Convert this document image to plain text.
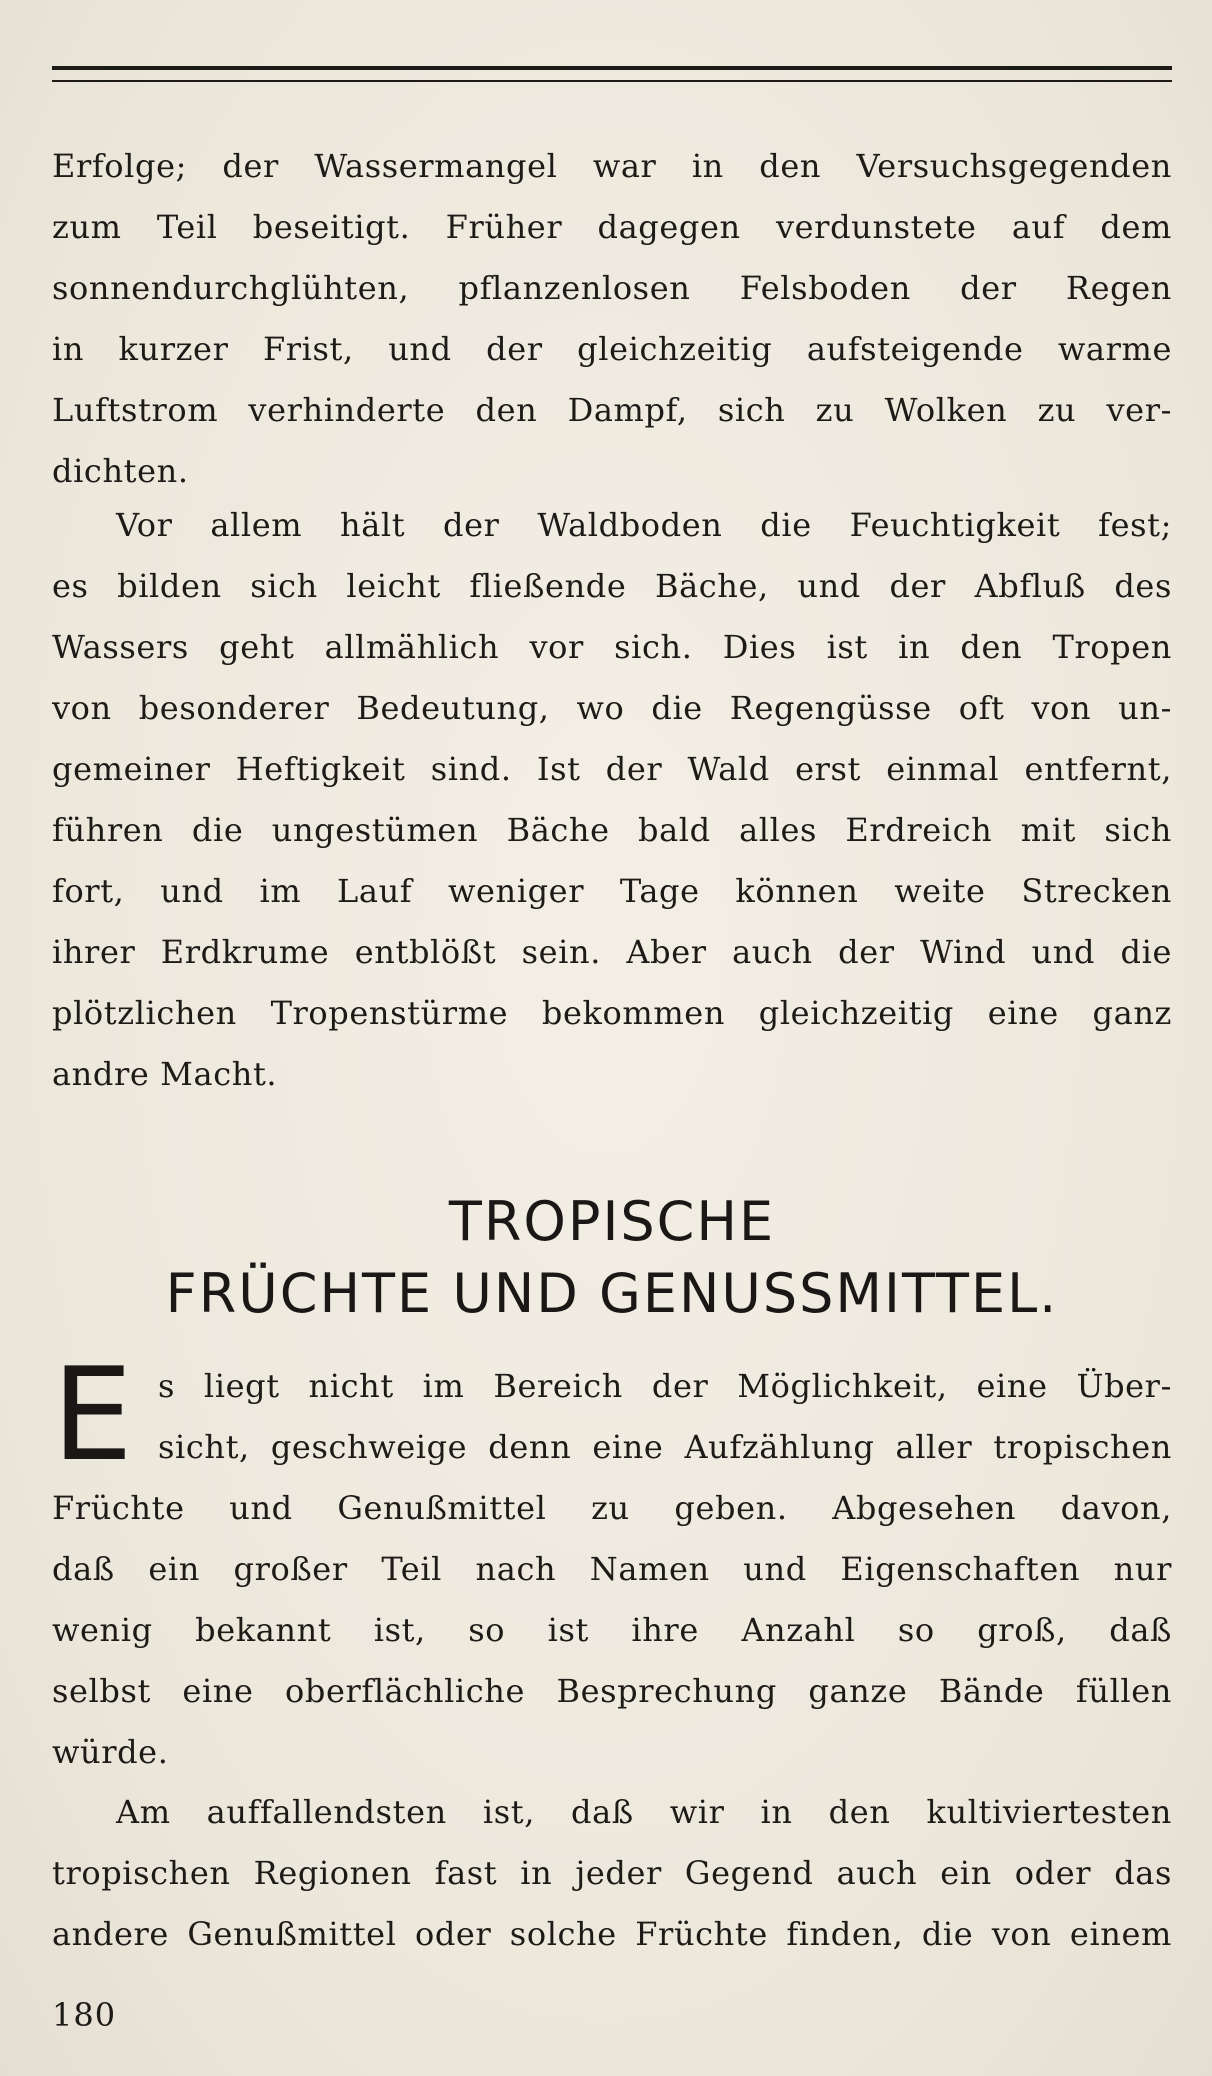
Erfolge; der Wassermangel war in den Versuchsgegenden
zum Teil beseitigt. Früher dagegen verdunstete auf dem
sonnendurchglühten, pflanzenlosen Felsboden der Regen
in kurzer Frist, und der gleichzeitig aufsteigende warme
Luftstrom verhinderte den Dampf, sich zu Wolken zu ver-
dichten.
Vor allem hält der Waldboden die Feuchtigkeit fest;
es bilden sich leicht fließende Bäche, und der Abfluß des
Wassers geht allmählich vor sich. Dies ist in den Tropen
von besonderer Bedeutung, wo die Regengüsse oft von un-
gemeiner Heftigkeit sind. Ist der Wald erst einmal entfernt,
führen die ungestümen Bäche bald alles Erdreich mit sich
fort, und im Lauf weniger Tage können weite Strecken
ihrer Erdkrume entblößt sein. Aber auch der Wind und die
plötzlichen Tropenstürme bekommen gleichzeitig eine ganz
andre Macht.
TROPISCHE
FRÜCHTE UND GENUSSMITTEL.
E s liegt nicht im Bereich der Möglichkeit, eine Über-
sicht, geschweige denn eine Aufzählung aller tropischen
Früchte und Genußmittel zu geben. Abgesehen davon,
daß ein großer Teil nach Namen und Eigenschaften nur
wenig bekannt ist, so ist ihre Anzahl so groß, daß
selbst eine oberflächliche Besprechung ganze Bände füllen
würde.
Am auffallendsten ist, daß wir in den kultiviertesten
tropischen Regionen fast in jeder Gegend auch ein oder das
andere Genußmittel oder solche Früchte finden, die von einem
180
